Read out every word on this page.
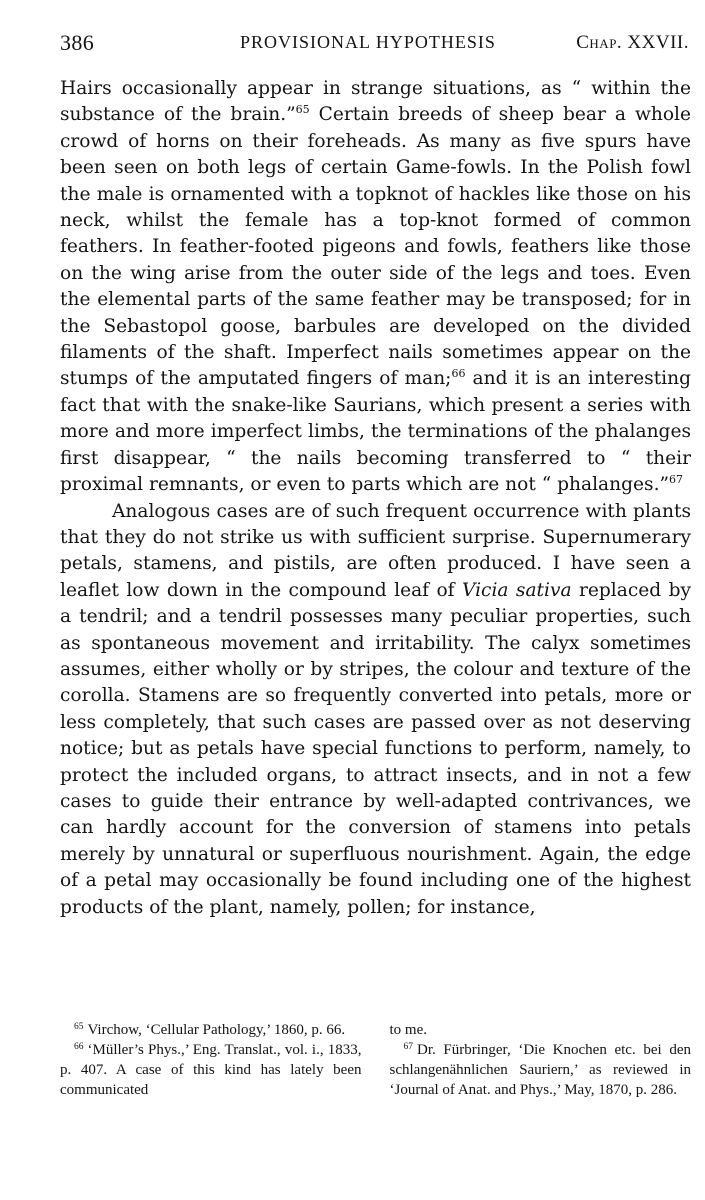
386	PROVISIONAL HYPOTHESIS	Chap. XXVII.

Hairs occasionally appear in strange situations, as “ within the substance of the brain.”$^{65}$ Certain breeds of sheep bear a whole crowd of horns on their foreheads. As many as five spurs have been seen on both legs of certain Game-fowls. In the Polish fowl the male is ornamented with a topknot of hackles like those on his neck, whilst the female has a top-knot formed of common feathers. In feather-footed pigeons and fowls, feathers like those on the wing arise from the outer side of the legs and toes. Even the elemental parts of the same feather may be transposed; for in the Sebastopol goose, barbules are developed on the divided filaments of the shaft. Imperfect nails sometimes appear on the stumps of the amputated fingers of man;$^{66}$ and it is an interesting fact that with the snake-like Saurians, which present a series with more and more imperfect limbs, the terminations of the phalanges first disappear, “ the nails becoming transferred to “ their proximal remnants, or even to parts which are not “ phalanges.”$^{67}$

Analogous cases are of such frequent occurrence with plants that they do not strike us with sufficient surprise. Supernumerary petals, stamens, and pistils, are often produced. I have seen a leaflet low down in the compound leaf of Vicia sativa replaced by a tendril; and a tendril possesses many peculiar properties, such as spontaneous movement and irritability. The calyx sometimes assumes, either wholly or by stripes, the colour and texture of the corolla. Stamens are so frequently converted into petals, more or less completely, that such cases are passed over as not deserving notice; but as petals have special functions to perform, namely, to protect the included organs, to attract insects, and in not a few cases to guide their entrance by well-adapted contrivances, we can hardly account for the conversion of stamens into petals merely by unnatural or superfluous nourishment. Again, the edge of a petal may occasionally be found including one of the highest products of the plant, namely, pollen; for instance,

$^{65}$ Virchow, ‘Cellular Pathology,’ 1860, p. 66.

$^{66}$ ‘Müller’s Phys.,’ Eng. Translat., vol. i., 1833, p. 407. A case of this kind has lately been communicated

to me.

$^{67}$ Dr. Fürbringer, ‘Die Knochen etc. bei den schlangenähnlichen Sauriern,’ as reviewed in ‘Journal of Anat. and Phys.,’ May, 1870, p. 286.
